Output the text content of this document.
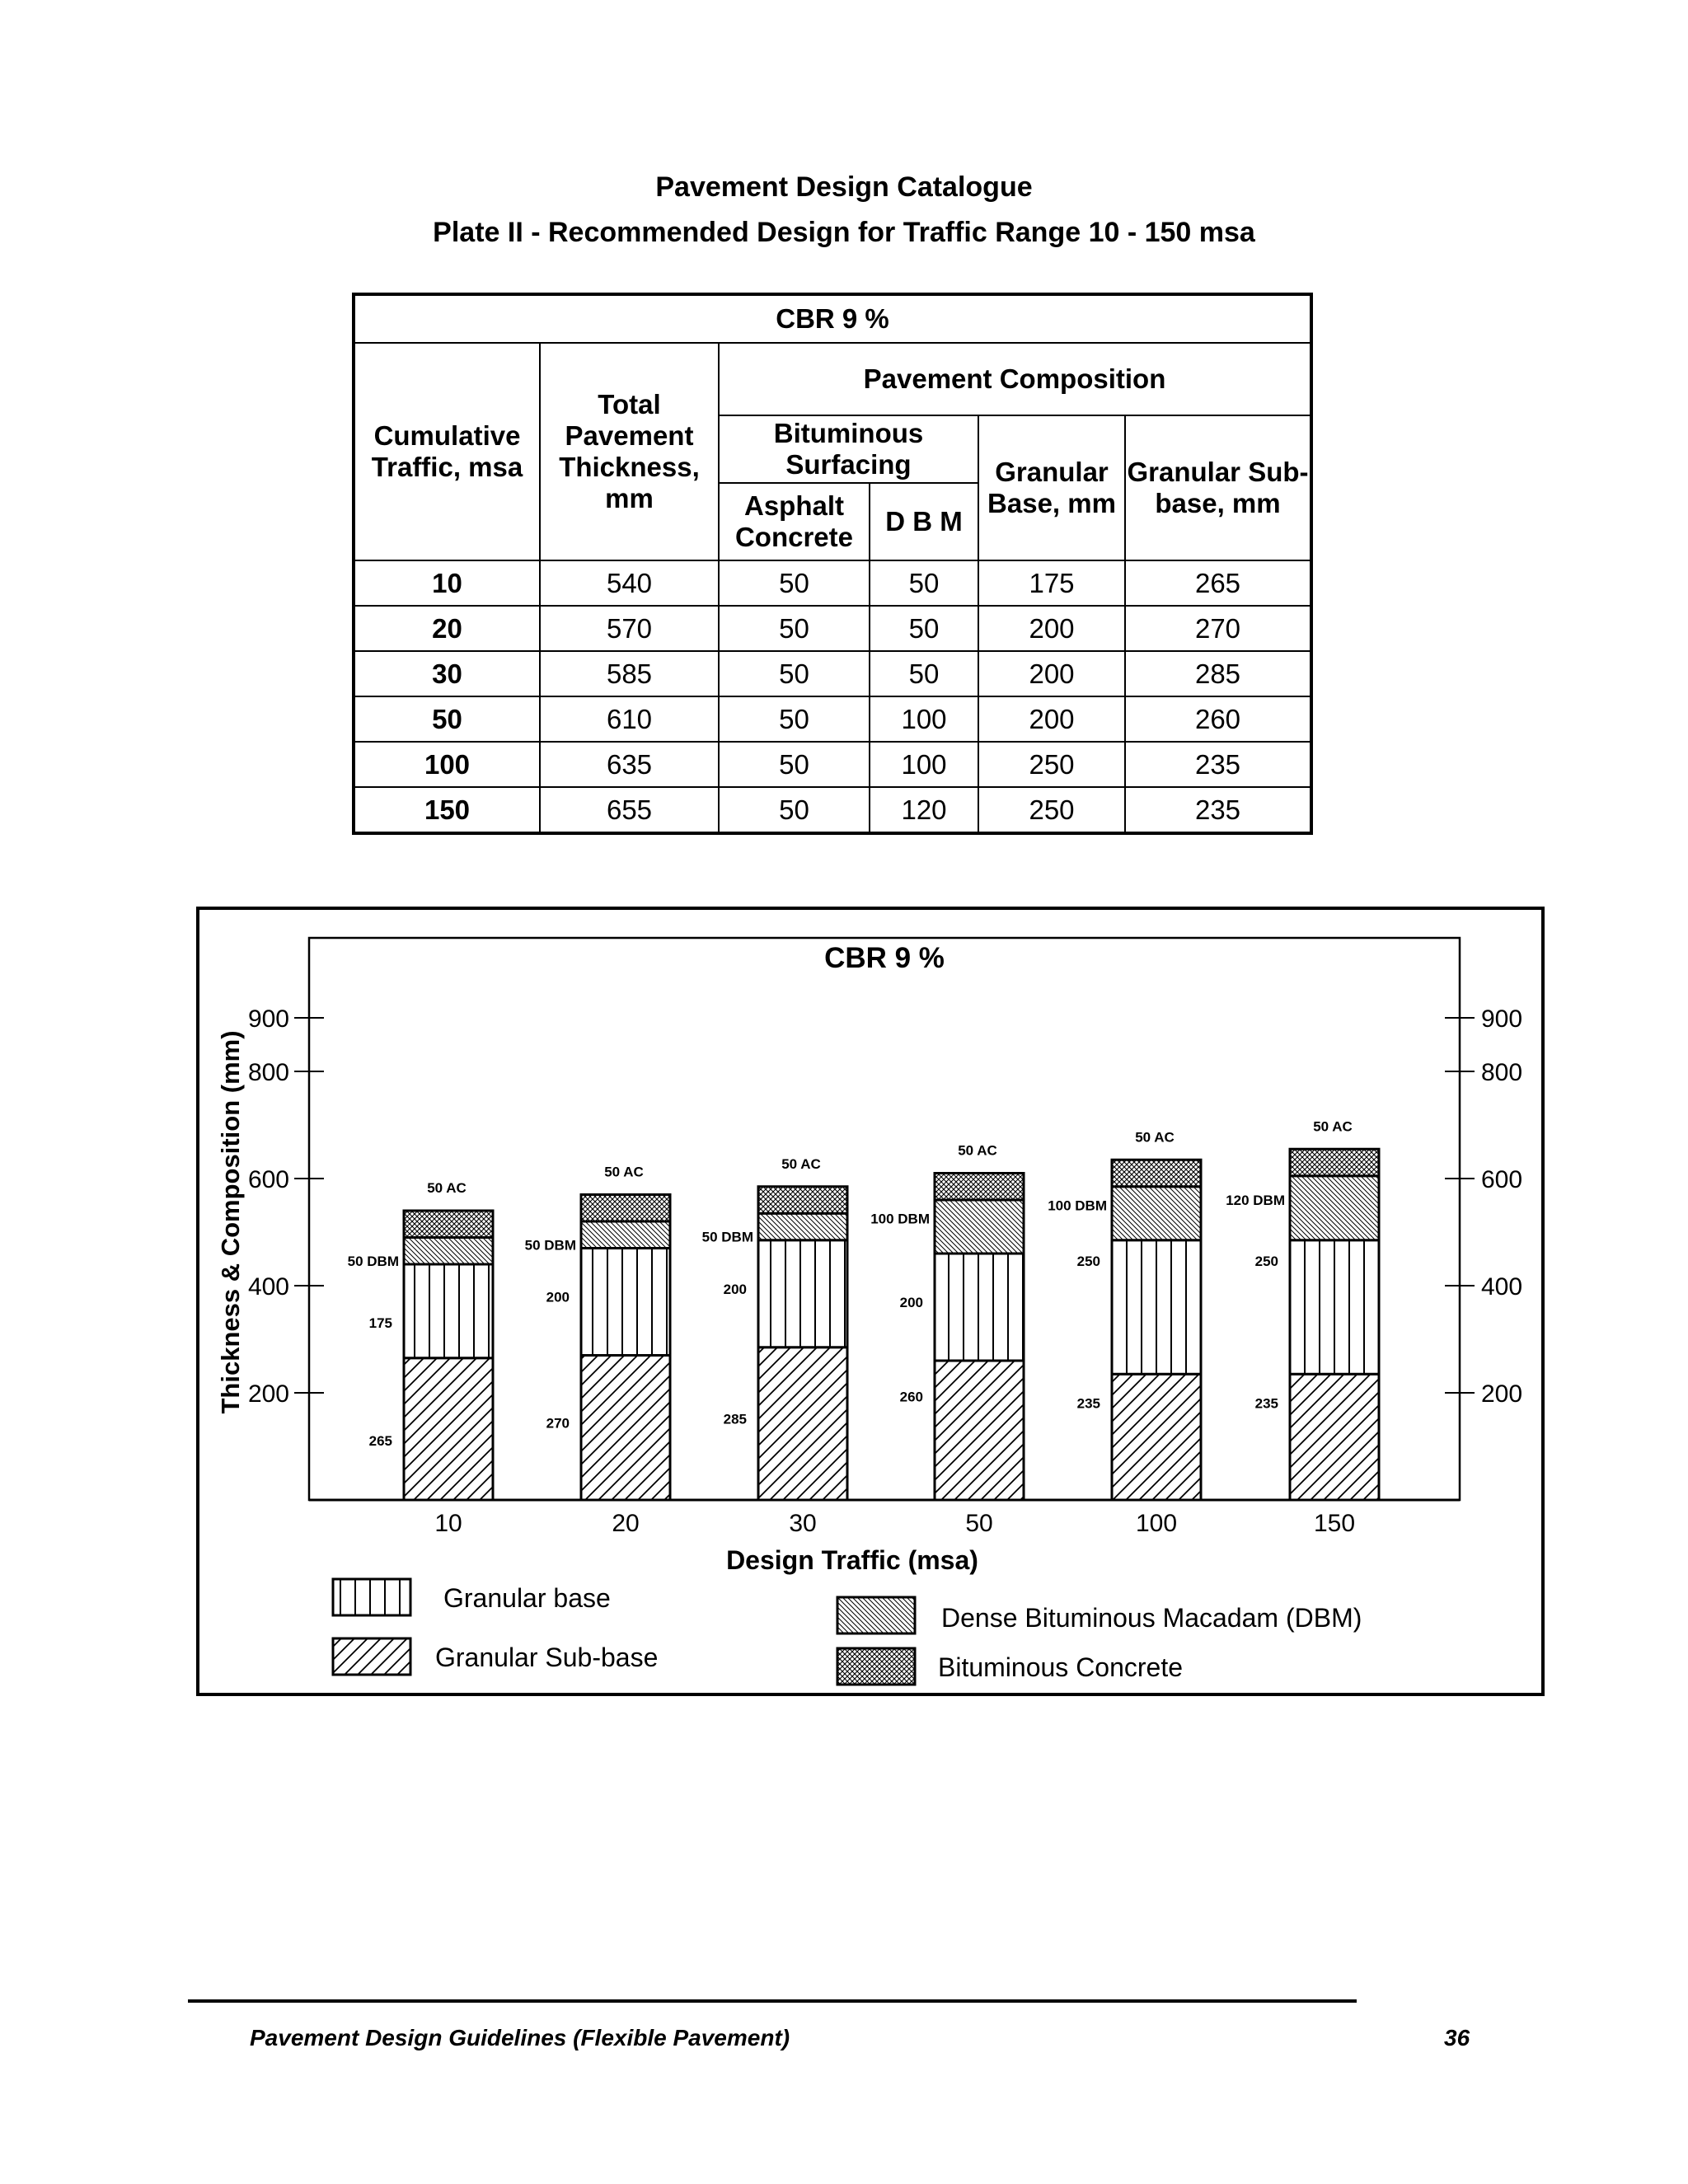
Pavement Design Catalogue
Plate II - Recommended Design for Traffic Range 10 - 150 msa
CBR 9 %					
Cumulative Traffic, msa	Total Pavement Thickness, mm	Pavement Composition			
		Bituminous Surfacing		Granular Base, mm	Granular Sub-base, mm
		Asphalt Concrete	D B M		
10	540	50	50	175	265
20	570	50	50	200	270
30	585	50	50	200	285
50	610	50	100	200	260
100	635	50	100	250	235
150	655	50	120	250	235
CBR 9 %
200	200
400	400
600	600
800	800
900	900
Thickness & Composition (mm)
10
50 AC
50 DBM
175
265
20
50 AC
50 DBM
200
270
30
50 AC
50 DBM
200
285
50
50 AC
100 DBM
200
260
100
50 AC
100 DBM
250
235
150
50 AC
120 DBM
250
235
Design Traffic (msa)
Granular base
Granular Sub-base
Dense Bituminous Macadam (DBM)
Bituminous Concrete
Pavement Design Guidelines (Flexible Pavement)	36
